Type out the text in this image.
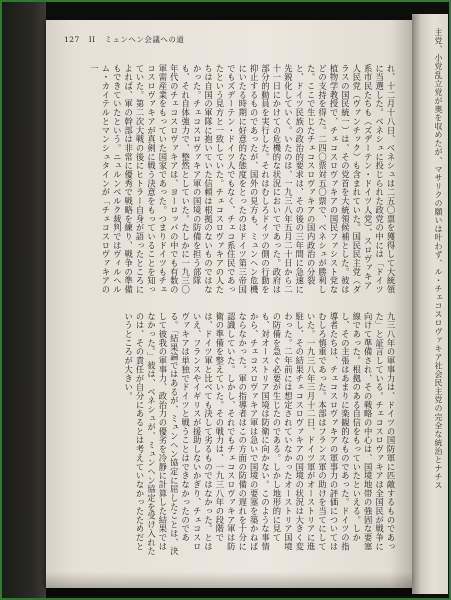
127 II ミュンヘン会議への道

れ、十二月十八日、ベネシュは二五〇票を獲得して大統領に当選した。ベネシュに投じられた政党の中には「ドイツ系市民たちも（ズデーテン・ドイツ人党）、スロヴァキア人民党（ヴァンチック）も含まれていた。国民民主党（ダラスの国民統一）は、その党首を大統領候補とした。彼は植物学教授で、チェコスロヴァキアの国民ファシスト党などの支持を得た。二四〇票対五〇票で、ベネシュが勝利した。ここで生じたチェコスロヴァキアの国内政治の分裂と、ドイツ民族の政治的要求は、その後の三年間に急速に先鋭化していく。いたのは、一九三八年五月二十日から二十一日にかけての危機的な状況においてであった。政府は部分的動員を実行した。それはむしろドイツの側の行動を抑止するものであったが、国外の見方も、ミュンヘン危機にいたる時期に好意的な態度をとったのはドイツ第三帝国でもズデーテン・ドイツ人でもなく、チェコ系住民であったという見方と一致していた。チェコスロヴァキアの人たちは自国の軍隊に抱いていた信頼は根拠のないものではなかった。チェコスロヴァキア軍の国境の防備を担う部隊も、それ自体強力で、整然としていた。たしかに一九三〇年代のチェコスロヴァキアは、ヨーロッパの中でも有数の軍需産業をもっていた国家であった。つまりドイツもチェコスロヴァキアが真剣に戦う決意をもっていることを知っていた。第二次大戦の後にヒトラー自身が語ったところによれば、軍の幹部は非常に優秀で戦略を練り、戦争の準備もできていたという。ニュルンベルク裁判ではヴィルヘルム・カイテルとマンシュタインが「チェコスロヴァキアの一

九三八年の軍事力は、ドイツの国防軍に匹敵するものであった」と証言している。チェコスロヴァキアは全国民が戦争に向けて準備され、その戦略の中心は、国境地帯の強固な要塞線であった。根拠のある自信をもっていたといえる。しかし、その主張はあまりに楽観的なものであった。ドイツの指導者たちは、チェコスロヴァキアの軍事力の評価についてはむしろ慎重であった。本部はフランス軍の助けを当てにしていた。一九三八年三月十二日、ドイツ軍がオーストリアに進駐し、その結果チェコスロヴァキアの国境の状況は大きく変わった。二年前には想定されていなかったオーストリア国境の防備を急ぐ必要が生じたのである。しかし地形的に見ても、対オーストリア国境は防衛に向かない。このような事情から、チェコスロヴァキア軍は急いで国境の要塞を築かねばならなかった。軍の指導者はこの方面の防備の遅れを十分に認識していた。しかし、それでもチェコスロヴァキア軍は防衛の準備を整えていた。その戦力は、一九三八年の段階では、ドイツ軍と比べても決して劣るものではなかった。とはいえ、フランスやイギリスが援助しないかぎり、チェコスロヴァキアは単独でドイツと戦うことはできなかったのである。「結果論ではあるが、ミュンヘン協定に屈したことは、決して彼我の軍事力、政治力の優劣を冷静に計算した結果ではなかった。」彼は、ベネシュが、ミュンヘン協定を受け入れたのは、その責任が自分にあるとは考えていなかったためだというところが大きい。	主党、小党乱立党が奥を収めたが、マサリクの願いは叶わず、ル・チェコスロヴァキア社会民主党の完全な統治とナチス
